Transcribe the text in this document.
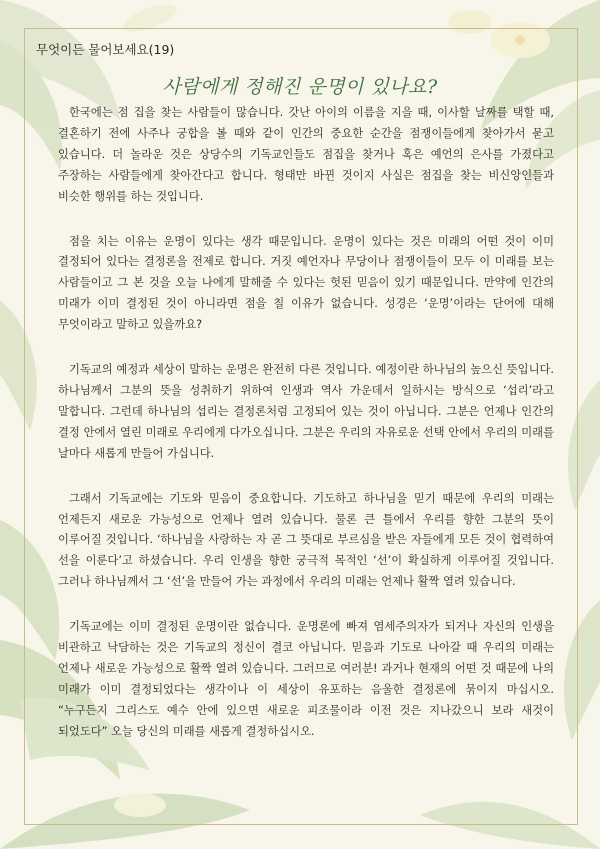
무엇이든 물어보세요(19)
사람에게 정해진 운명이 있나요?

한국에는 점 집을 찾는 사람들이 많습니다. 갓난 아이의 이름을 지을 때, 이사할 날짜를 택할 때, 결혼하기 전에 사주나 궁합을 볼 때와 같이 인간의 중요한 순간을 점쟁이들에게 찾아가서 묻고 있습니다. 더 놀라운 것은 상당수의 기독교인들도 점집을 찾거나 혹은 예언의 은사를 가졌다고 주장하는 사람들에게 찾아간다고 합니다. 형태만 바뀐 것이지 사실은 점집을 찾는 비신앙인들과 비슷한 행위를 하는 것입니다.

점을 치는 이유는 운명이 있다는 생각 때문입니다. 운명이 있다는 것은 미래의 어떤 것이 이미 결정되어 있다는 결정론을 전제로 합니다. 거짓 예언자나 무당이나 점쟁이들이 모두 이 미래를 보는 사람들이고 그 본 것을 오늘 나에게 말해줄 수 있다는 헛된 믿음이 있기 때문입니다. 만약에 인간의 미래가 이미 결정된 것이 아니라면 점을 칠 이유가 없습니다. 성경은 ‘운명’이라는 단어에 대해 무엇이라고 말하고 있을까요?

기독교의 예정과 세상이 말하는 운명은 완전히 다른 것입니다. 예정이란 하나님의 높으신 뜻입니다. 하나님께서 그분의 뜻을 성취하기 위하여 인생과 역사 가운데서 일하시는 방식으로 ‘섭리’라고 말합니다. 그런데 하나님의 섭리는 결정론처럼 고정되어 있는 것이 아닙니다. 그분은 언제나 인간의 결정 안에서 열린 미래로 우리에게 다가오십니다. 그분은 우리의 자유로운 선택 안에서 우리의 미래를 날마다 새롭게 만들어 가십니다.

그래서 기독교에는 기도와 믿음이 중요합니다. 기도하고 하나님을 믿기 때문에 우리의 미래는 언제든지 새로운 가능성으로 언제나 열려 있습니다. 물론 큰 틀에서 우리를 향한 그분의 뜻이 이루어질 것입니다. ‘하나님을 사랑하는 자 곧 그 뜻대로 부르심을 받은 자들에게 모든 것이 협력하여 선을 이룬다’고 하셨습니다. 우리 인생을 향한 궁극적 목적인 ‘선’이 확실하게 이루어질 것입니다. 그러나 하나님께서 그 ‘선’을 만들어 가는 과정에서 우리의 미래는 언제나 활짝 열려 있습니다.

기독교에는 이미 결정된 운명이란 없습니다. 운명론에 빠져 염세주의자가 되거나 자신의 인생을 비관하고 낙담하는 것은 기독교의 정신이 결코 아닙니다. 믿음과 기도로 나아갈 때 우리의 미래는 언제나 새로운 가능성으로 활짝 열려 있습니다. 그러므로 여러분! 과거나 현재의 어떤 것 때문에 나의 미래가 이미 결정되었다는 생각이나 이 세상이 유포하는 음울한 결정론에 묶이지 마십시오. “누구든지 그리스도 예수 안에 있으면 새로운 피조물이라 이전 것은 지나갔으니 보라 새것이 되었도다” 오늘 당신의 미래를 새롭게 결정하십시오.
